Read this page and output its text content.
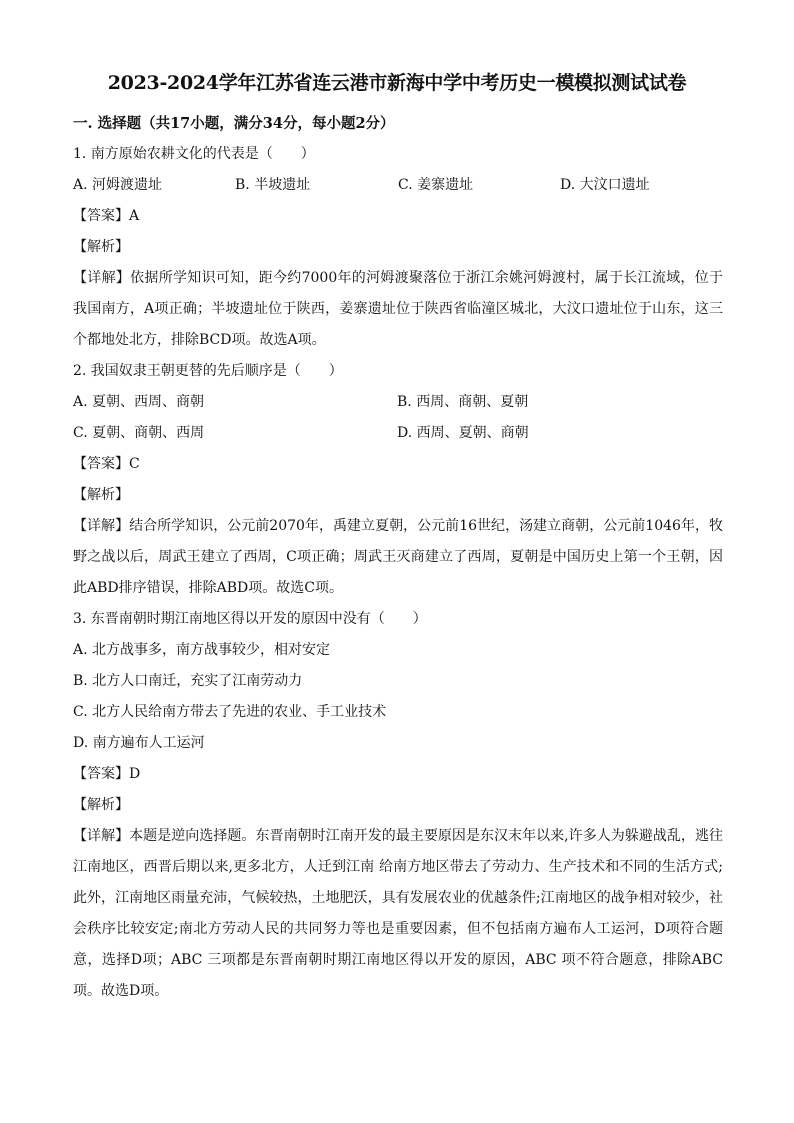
2023-2024学年江苏省连云港市新海中学中考历史一模模拟测试试卷
一. 选择题（共17小题，满分34分，每小题2分）
1. 南方原始农耕文化的代表是（　　）
A. 河姆渡遗址	B. 半坡遗址	C. 姜寨遗址	D. 大汶口遗址
【答案】A
【解析】
【详解】依据所学知识可知，距今约7000年的河姆渡聚落位于浙江余姚河姆渡村，属于长江流域，位于我国南方，A项正确；半坡遗址位于陕西，姜寨遗址位于陕西省临潼区城北，大汶口遗址位于山东，这三个都地处北方，排除BCD项。故选A项。
2. 我国奴隶王朝更替的先后顺序是（　　）
A. 夏朝、西周、商朝	B. 西周、商朝、夏朝
C. 夏朝、商朝、西周	D. 西周、夏朝、商朝
【答案】C
【解析】
【详解】结合所学知识，公元前2070年，禹建立夏朝，公元前16世纪，汤建立商朝，公元前1046年，牧野之战以后，周武王建立了西周，C项正确；周武王灭商建立了西周，夏朝是中国历史上第一个王朝，因此ABD排序错误，排除ABD项。故选C项。
3. 东晋南朝时期江南地区得以开发的原因中没有（　　）
A. 北方战事多，南方战事较少，相对安定
B. 北方人口南迁，充实了江南劳动力
C. 北方人民给南方带去了先进的农业、手工业技术
D. 南方遍布人工运河
【答案】D
【解析】
【详解】本题是逆向选择题。东晋南朝时江南开发的最主要原因是东汉末年以来,许多人为躲避战乱，逃往江南地区，西晋后期以来,更多北方，人迁到江南 给南方地区带去了劳动力、生产技术和不同的生活方式;此外，江南地区雨量充沛，气候较热，土地肥沃，具有发展农业的优越条件;江南地区的战争相对较少，社会秩序比较安定;南北方劳动人民的共同努力等也是重要因素，但不包括南方遍布人工运河，D项符合题意，选择D项；ABC 三项都是东晋南朝时期江南地区得以开发的原因，ABC 项不符合题意，排除ABC项。故选D项。
